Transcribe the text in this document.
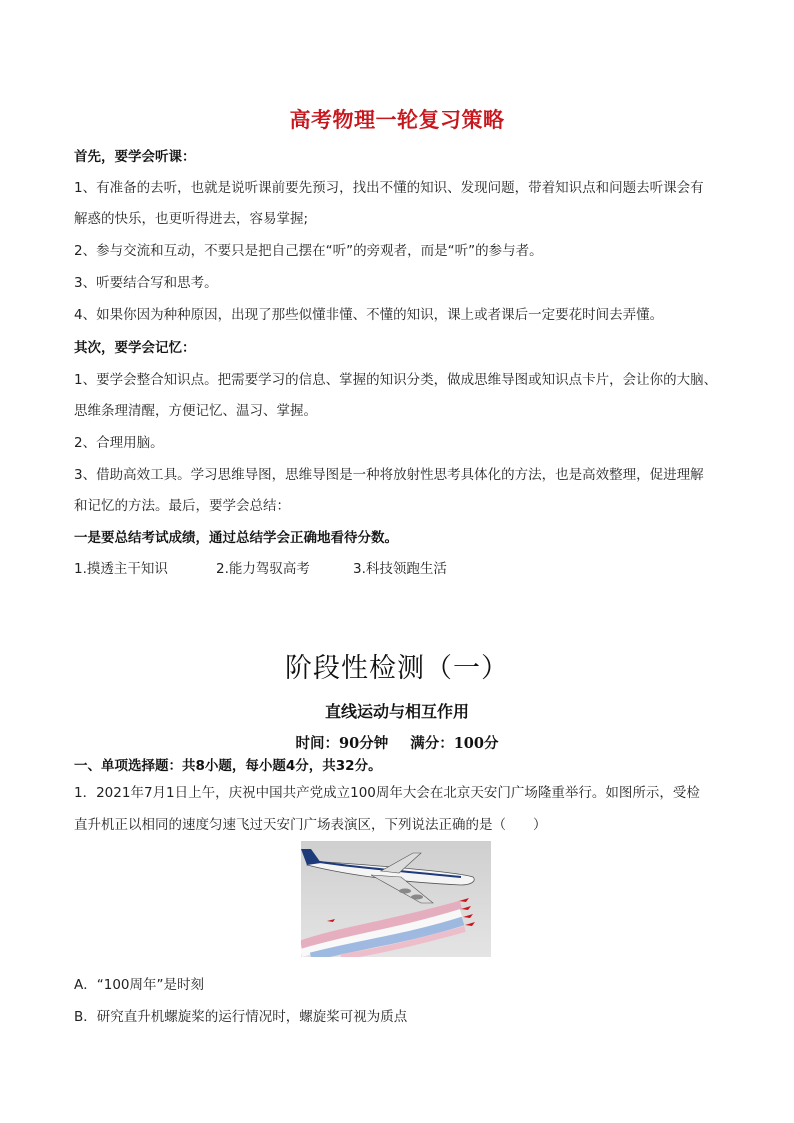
高考物理一轮复习策略
首先，要学会听课：
1、有准备的去听，也就是说听课前要先预习，找出不懂的知识、发现问题，带着知识点和问题去听课会有
解惑的快乐，也更听得进去，容易掌握;
2、参与交流和互动，不要只是把自己摆在“听”的旁观者，而是“听”的参与者。
3、听要结合写和思考。
4、如果你因为种种原因，出现了那些似懂非懂、不懂的知识，课上或者课后一定要花时间去弄懂。
其次，要学会记忆：
1、要学会整合知识点。把需要学习的信息、掌握的知识分类，做成思维导图或知识点卡片，会让你的大脑、
思维条理清醒，方便记忆、温习、掌握。
2、合理用脑。
3、借助高效工具。学习思维导图，思维导图是一种将放射性思考具体化的方法，也是高效整理，促进理解
和记忆的方法。最后，要学会总结：
一是要总结考试成绩，通过总结学会正确地看待分数。
1.摸透主干知识	2.能力驾驭高考	3.科技领跑生活
阶段性检测（一）
直线运动与相互作用
时间：90分钟 满分：100分
一、单项选择题：共8小题，每小题4分，共32分。
1．2021年7月1日上午，庆祝中国共产党成立100周年大会在北京天安门广场隆重举行。如图所示，受检
直升机正以相同的速度匀速飞过天安门广场表演区，下列说法正确的是（　　）
A．“100周年”是时刻
B．研究直升机螺旋桨的运行情况时，螺旋桨可视为质点
